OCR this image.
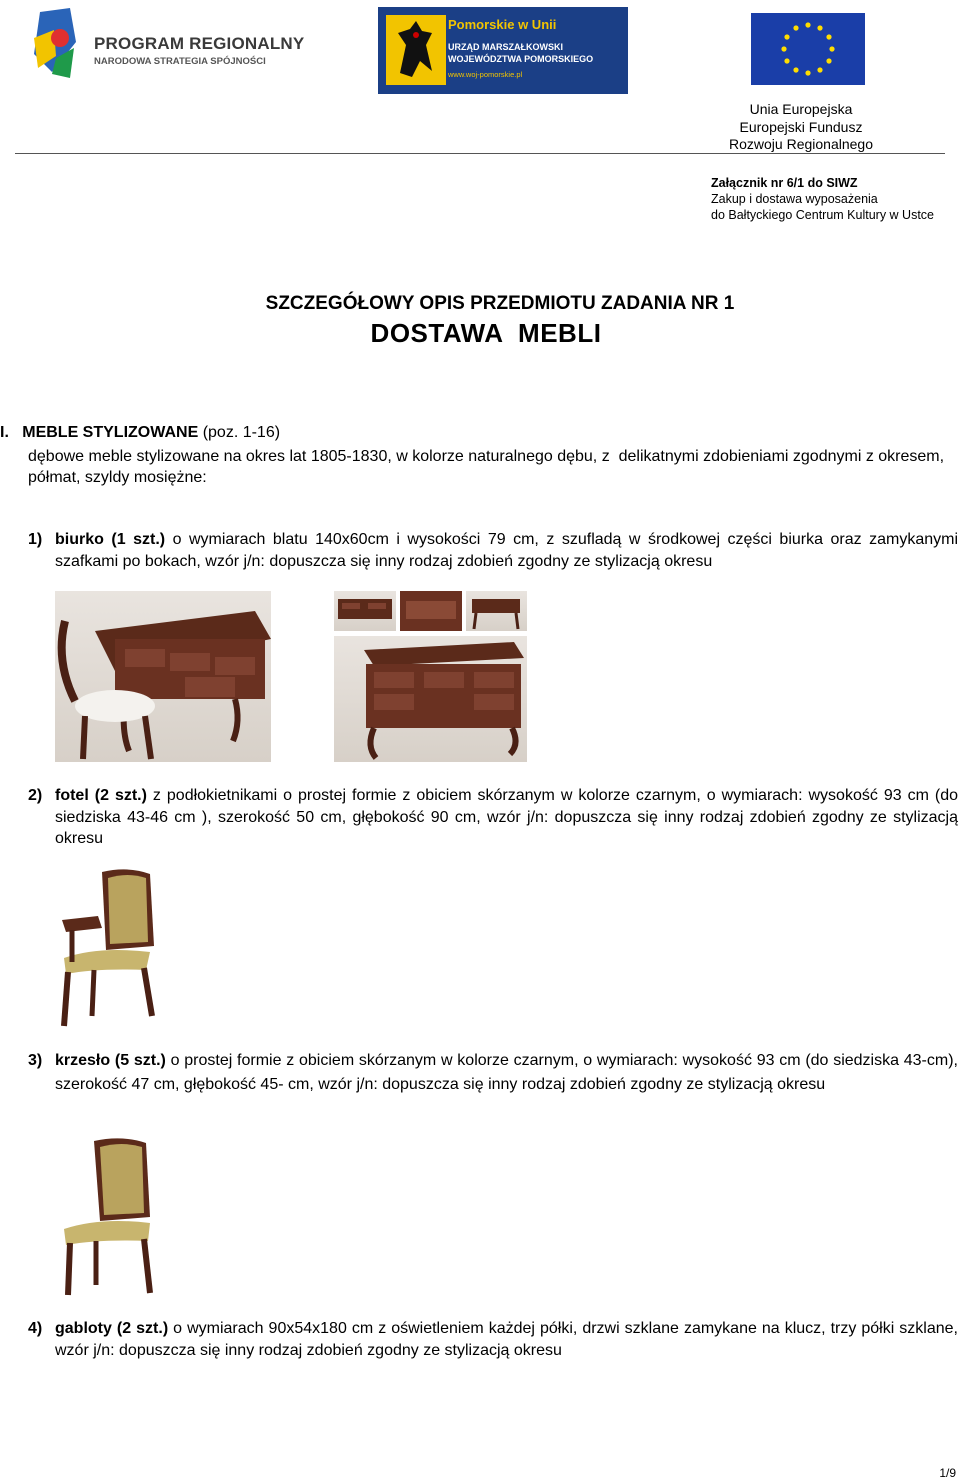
PROGRAM REGIONALNY
NARODOWA STRATEGIA SPÓJNOŚCI
Pomorskie w Unii
URZĄD MARSZAŁKOWSKI
WOJEWÓDZTWA POMORSKIEGO
www.woj-pomorskie.pl
Unia Europejska
Europejski Fundusz
Rozwoju Regionalnego
Załącznik nr 6/1 do SIWZ
Zakup i dostawa wyposażenia
do Bałtyckiego Centrum Kultury w Ustce
SZCZEGÓŁOWY OPIS PRZEDMIOTU ZADANIA NR 1
DOSTAWA  MEBLI
I. MEBLE STYLIZOWANE (poz. 1-16)
dębowe meble stylizowane na okres lat 1805-1830, w kolorze naturalnego dębu, z  delikatnymi zdobieniami zgodnymi z okresem, półmat, szyldy mosiężne:
1) biurko (1 szt.) o wymiarach blatu 140x60cm i wysokości 79 cm, z szufladą w środkowej części biurka oraz zamykanymi szafkami po bokach, wzór j/n: dopuszcza się inny rodzaj zdobień zgodny ze stylizacją okresu
2) fotel (2 szt.) z podłokietnikami o prostej formie z obiciem skórzanym w kolorze czarnym, o wymiarach: wysokość 93 cm (do siedziska 43-46 cm ), szerokość 50 cm, głębokość 90 cm, wzór j/n: dopuszcza się inny rodzaj zdobień zgodny ze stylizacją okresu
3) krzesło (5 szt.) o prostej formie z obiciem skórzanym w kolorze czarnym, o wymiarach: wysokość 93 cm (do siedziska 43-cm), szerokość 47 cm, głębokość 45- cm, wzór j/n: dopuszcza się inny rodzaj zdobień zgodny ze stylizacją okresu
4) gabloty (2 szt.) o wymiarach 90x54x180 cm z oświetleniem każdej półki, drzwi szklane zamykane na klucz, trzy półki szklane, wzór j/n: dopuszcza się inny rodzaj zdobień zgodny ze stylizacją okresu
1/9
